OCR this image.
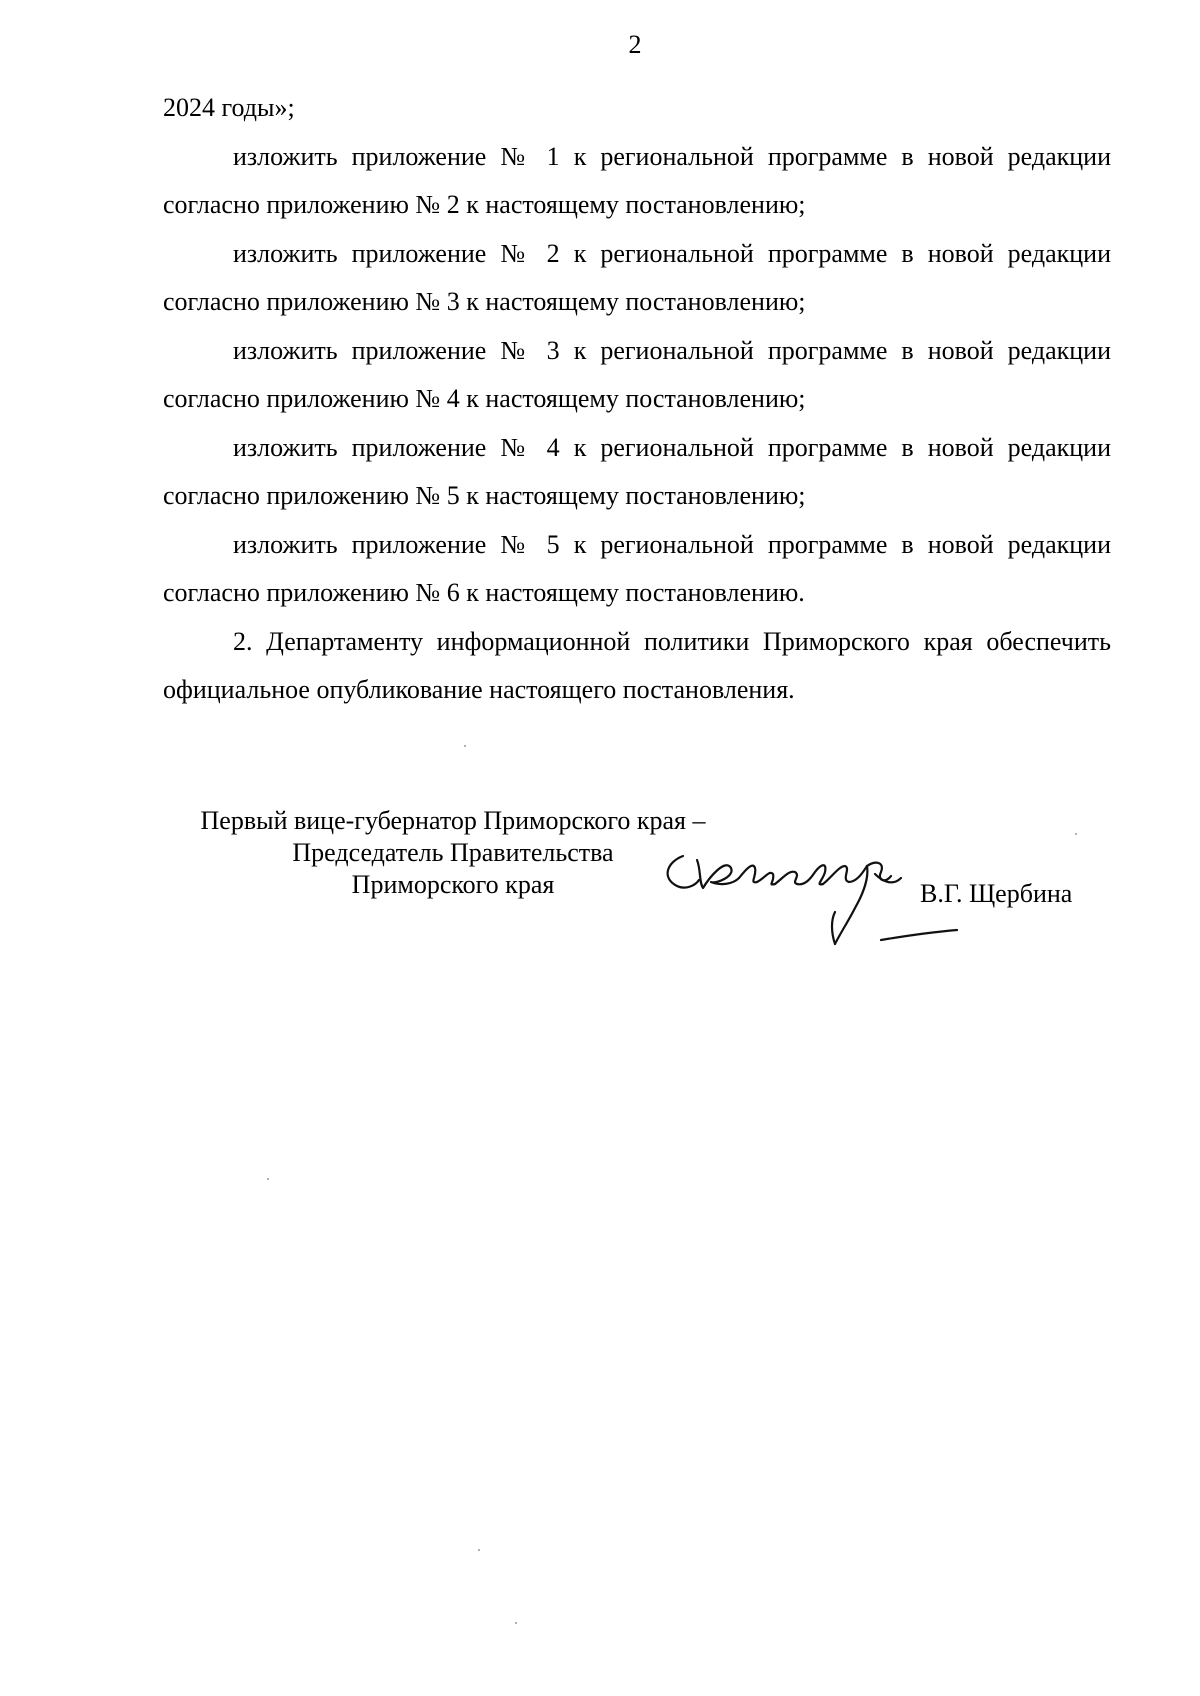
2

2024 годы»;

изложить приложение № 1 к региональной программе в новой редакции согласно приложению № 2 к настоящему постановлению;

изложить приложение № 2 к региональной программе в новой редакции согласно приложению № 3 к настоящему постановлению;

изложить приложение № 3 к региональной программе в новой редакции согласно приложению № 4 к настоящему постановлению;

изложить приложение № 4 к региональной программе в новой редакции согласно приложению № 5 к настоящему постановлению;

изложить приложение № 5 к региональной программе в новой редакции согласно приложению № 6 к настоящему постановлению.

2. Департаменту информационной политики Приморского края обеспечить официальное опубликование настоящего постановления.

Первый вице-губернатор Приморского края –
Председатель Правительства
Приморского края	В.Г. Щербина
